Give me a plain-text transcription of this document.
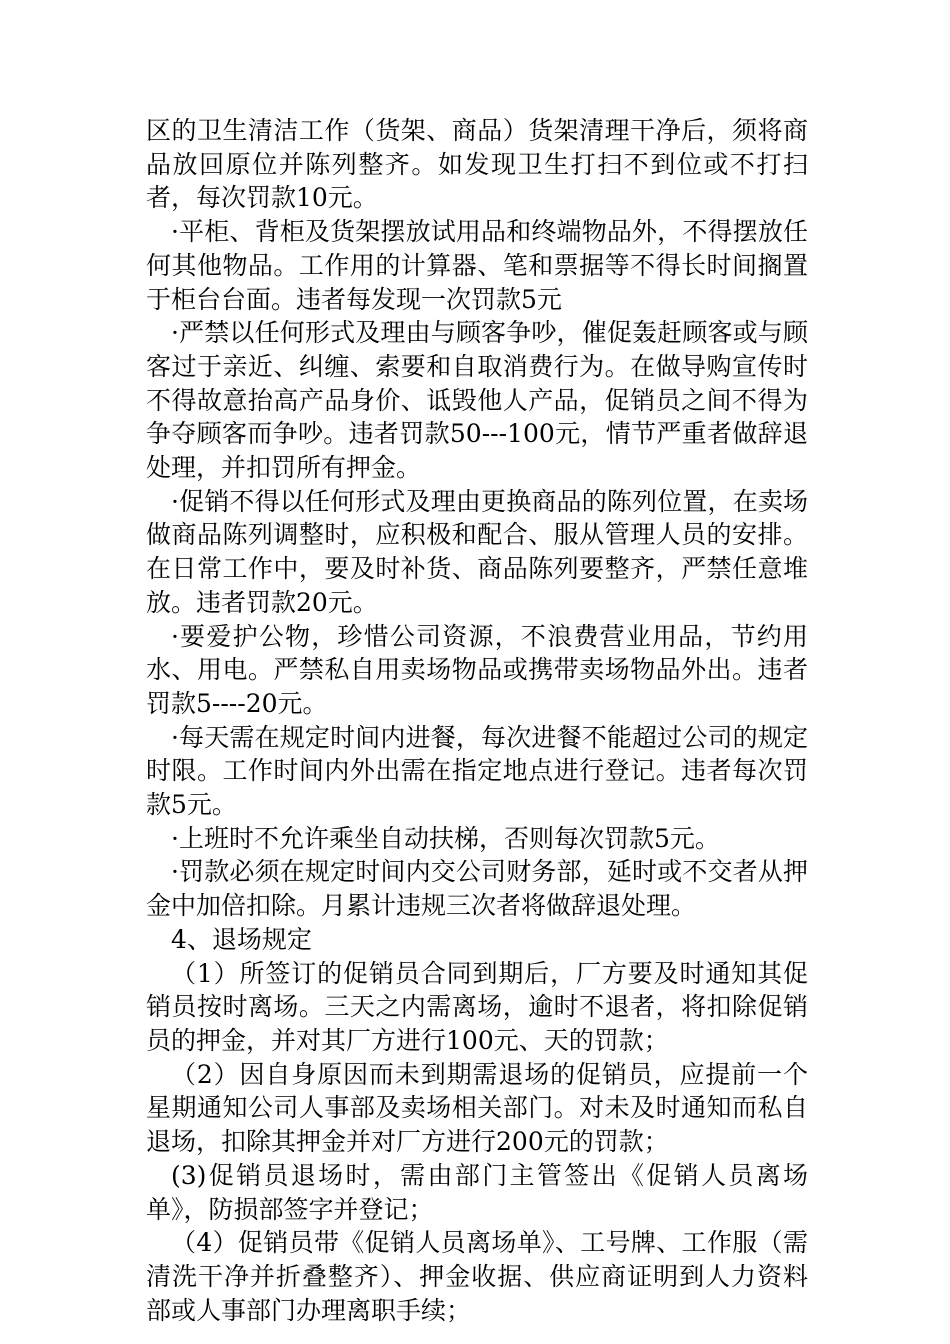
区的卫生清洁工作（货架、商品）货架清理干净后，须将商品放回原位并陈列整齐。如发现卫生打扫不到位或不打扫者，每次罚款10元。

·平柜、背柜及货架摆放试用品和终端物品外，不得摆放任何其他物品。工作用的计算器、笔和票据等不得长时间搁置于柜台台面。违者每发现一次罚款5元

·严禁以任何形式及理由与顾客争吵，催促轰赶顾客或与顾客过于亲近、纠缠、索要和自取消费行为。在做导购宣传时不得故意抬高产品身价、诋毁他人产品，促销员之间不得为争夺顾客而争吵。违者罚款50---100元，情节严重者做辞退处理，并扣罚所有押金。

·促销不得以任何形式及理由更换商品的陈列位置，在卖场做商品陈列调整时，应积极和配合、服从管理人员的安排。在日常工作中，要及时补货、商品陈列要整齐，严禁任意堆放。违者罚款20元。

·要爱护公物，珍惜公司资源，不浪费营业用品，节约用水、用电。严禁私自用卖场物品或携带卖场物品外出。违者罚款5----20元。

·每天需在规定时间内进餐，每次进餐不能超过公司的规定时限。工作时间内外出需在指定地点进行登记。违者每次罚款5元。

·上班时不允许乘坐自动扶梯，否则每次罚款5元。

·罚款必须在规定时间内交公司财务部，延时或不交者从押金中加倍扣除。月累计违规三次者将做辞退处理。

4、退场规定

（1）所签订的促销员合同到期后，厂方要及时通知其促销员按时离场。三天之内需离场，逾时不退者，将扣除促销员的押金，并对其厂方进行100元、天的罚款；

（2）因自身原因而未到期需退场的促销员，应提前一个星期通知公司人事部及卖场相关部门。对未及时通知而私自退场，扣除其押金并对厂方进行200元的罚款；

(3)促销员退场时，需由部门主管签出《促销人员离场单》，防损部签字并登记；

（4）促销员带《促销人员离场单》、工号牌、工作服（需清洗干净并折叠整齐）、押金收据、供应商证明到人力资料部或人事部门办理离职手续；
